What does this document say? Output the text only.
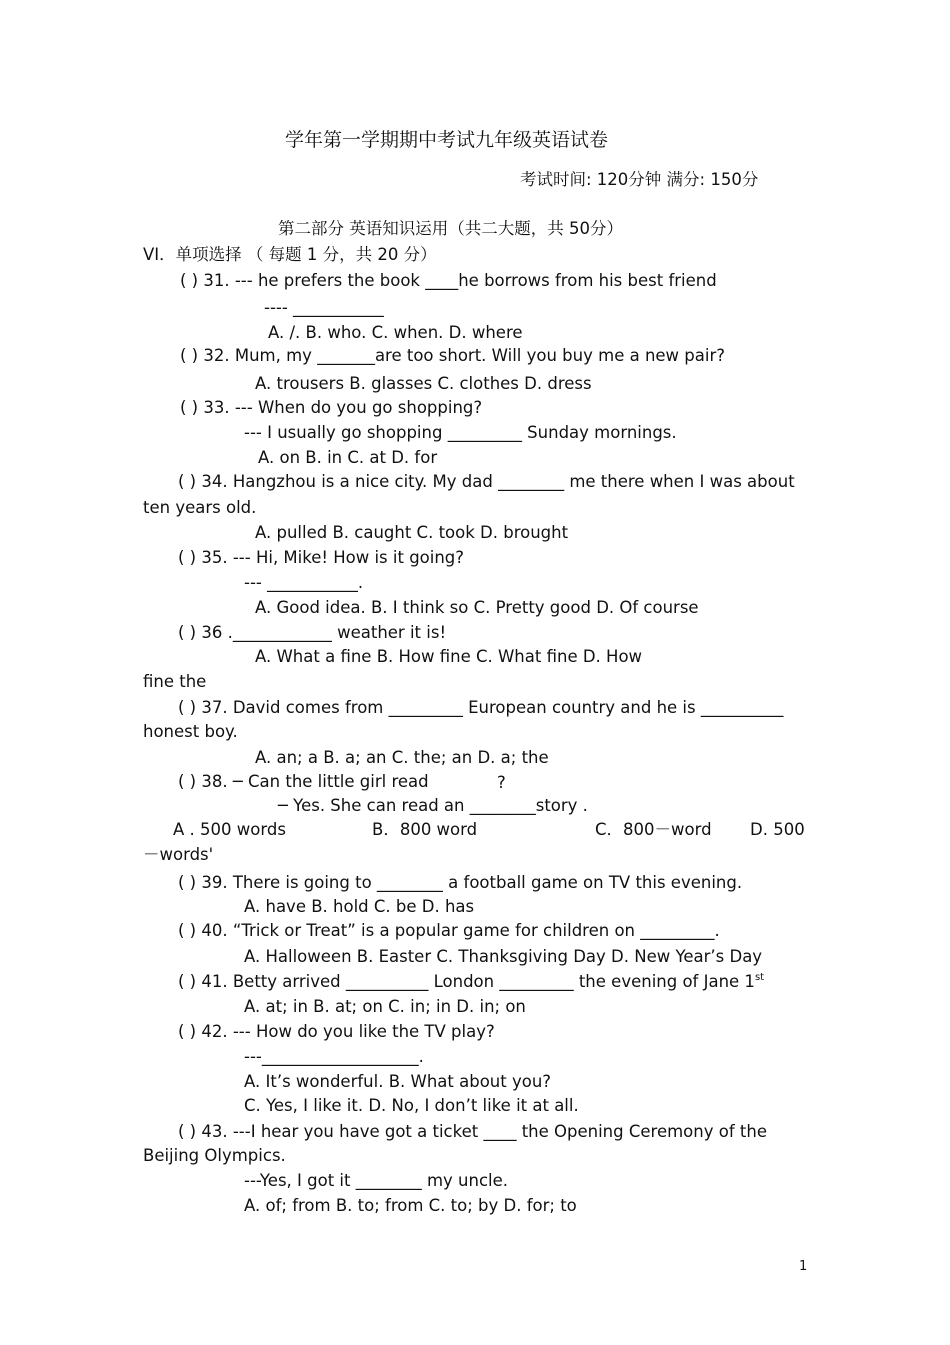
学年第一学期期中考试九年级英语试卷
考试时间: 120分钟 满分: 150分
第二部分 英语知识运用（共二大题，共 50分）
VI．单项选择 （ 每题 1 分，共 20 分）
( ) 31. --- he prefers the book ____he borrows from his best friend
---- ___________
A. /. B. who. C. when. D. where
( ) 32. Mum, my _______are too short. Will you buy me a new pair?
A. trousers B. glasses C. clothes D. dress
( ) 33. --- When do you go shopping?
--- I usually go shopping _________ Sunday mornings.
A. on B. in C. at D. for
( ) 34. Hangzhou is a nice city. My dad ________ me there when I was about
ten years old.
A. pulled B. caught C. took D. brought
( ) 35. --- Hi, Mike! How is it going?
--- ___________.
A. Good idea. B. I think so C. Pretty good D. Of course
( ) 36 .____________ weather it is!
A. What a fine B. How fine C. What fine D. How
fine the
( ) 37. David comes from _________ European country and he is __________
honest boy.
A. an; a B. a; an C. the; an D. a; the
( ) 38. ─ Can the little girl read	?
─ Yes. She can read an ________story .
A . 500 words	B．800 word	C．800－word D. 500
－words'
( ) 39. There is going to ________ a football game on TV this evening.
A. have B. hold C. be D. has
( ) 40. “Trick or Treat” is a popular game for children on _________.
A. Halloween B. Easter C. Thanksgiving Day D. New Year’s Day
( ) 41. Betty arrived __________ London _________ the evening of Jane 1st
A. at; in B. at; on C. in; in D. in; on
( ) 42. --- How do you like the TV play?
---___________________.
A. It’s wonderful. B. What about you?
C. Yes, I like it. D. No, I don’t like it at all.
( ) 43. ---I hear you have got a ticket ____ the Opening Ceremony of the
Beijing Olympics.
---Yes, I got it ________ my uncle.
A. of; from B. to; from C. to; by D. for; to
1
